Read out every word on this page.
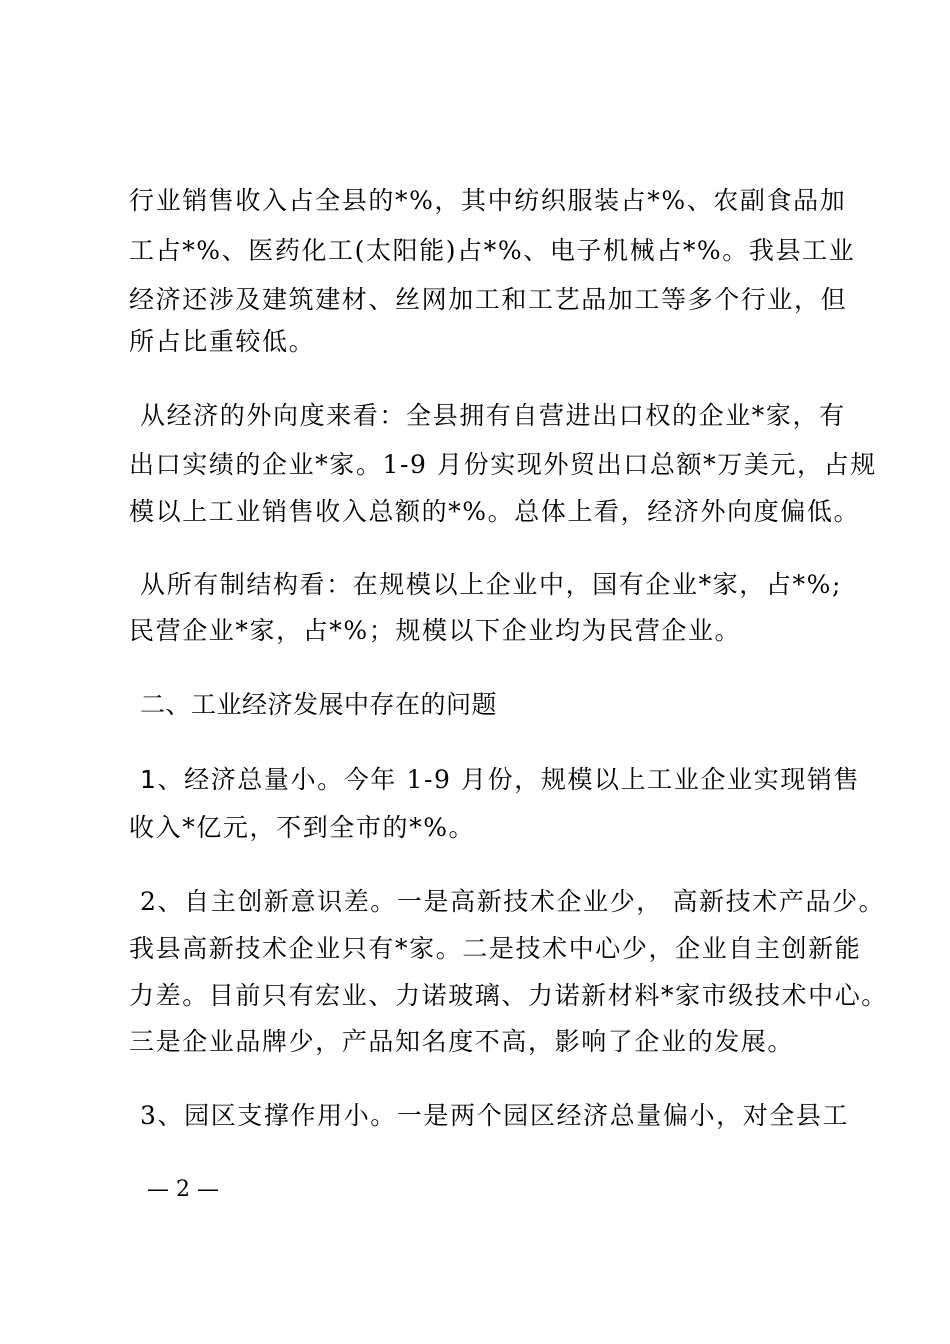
行业销售收入占全县的*%，其中纺织服装占*%、农副食品加
工占*%、医药化工(太阳能)占*%、电子机械占*%。我县工业
经济还涉及建筑建材、丝网加工和工艺品加工等多个行业，但
所占比重较低。
从经济的外向度来看：全县拥有自营进出口权的企业*家，有
出口实绩的企业*家。1-9 月份实现外贸出口总额*万美元，占规
模以上工业销售收入总额的*%。总体上看，经济外向度偏低。
从所有制结构看：在规模以上企业中，国有企业*家，占*%;
民营企业*家，占*%；规模以下企业均为民营企业。
二、工业经济发展中存在的问题
1、经济总量小。今年 1-9 月份，规模以上工业企业实现销售
收入*亿元，不到全市的*%。
2、自主创新意识差。一是高新技术企业少， 高新技术产品少。
我县高新技术企业只有*家。二是技术中心少，企业自主创新能
力差。目前只有宏业、力诺玻璃、力诺新材料*家市级技术中心。
三是企业品牌少，产品知名度不高，影响了企业的发展。
3、园区支撑作用小。一是两个园区经济总量偏小，对全县工
— 2 —
